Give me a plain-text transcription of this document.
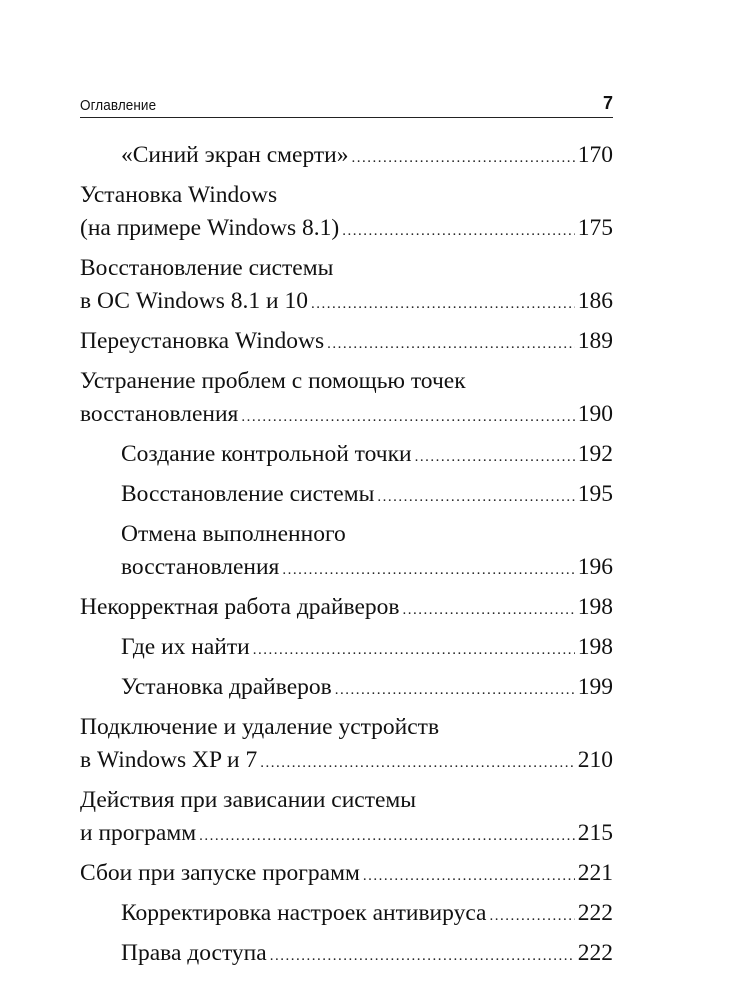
Оглавление	7
«Синий экран смерти» .....	170
Установка Windows
(на примере Windows 8.1) .....	175
Восстановление системы
в ОС Windows 8.1 и 10 .....	186
Переустановка Windows .....	189
Устранение проблем с помощью точек
восстановления .....	190
Создание контрольной точки .....	192
Восстановление системы .....	195
Отмена выполненного
восстановления .....	196
Некорректная работа драйверов .....	198
Где их найти .....	198
Установка драйверов .....	199
Подключение и удаление устройств
в Windows XP и 7 .....	210
Действия при зависании системы
и программ .....	215
Сбои при запуске программ .....	221
Корректировка настроек антивируса .....	222
Права доступа .....	222
